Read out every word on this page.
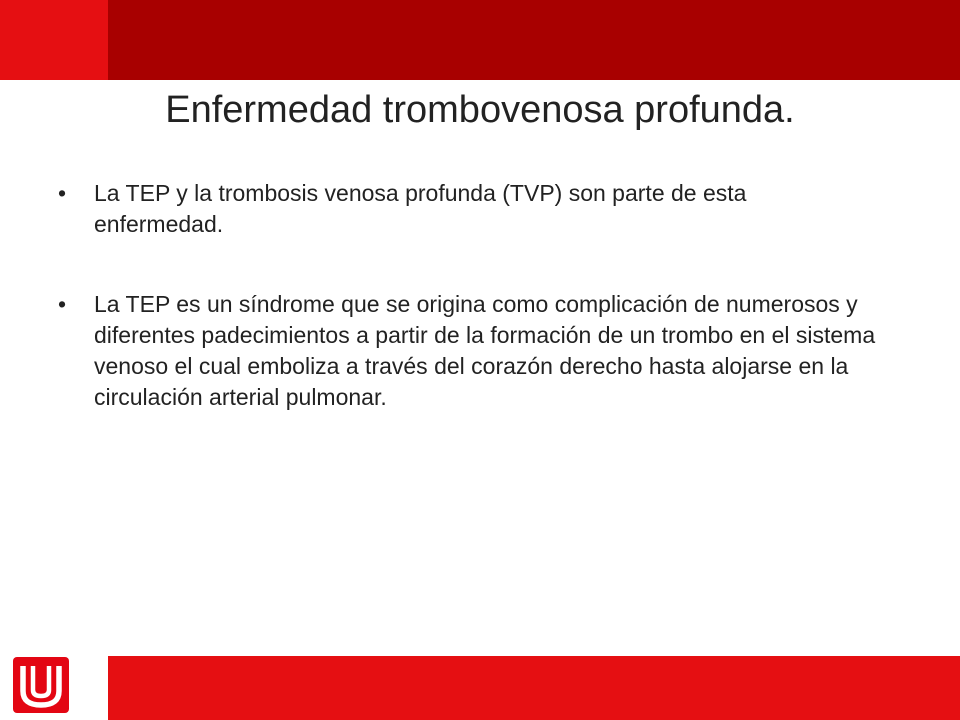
Enfermedad trombovenosa profunda.
• La TEP y la trombosis venosa profunda (TVP) son parte de esta enfermedad.
• La TEP es un síndrome que se origina como complicación de numerosos y diferentes padecimientos a partir de la formación de un trombo en el sistema venoso el cual emboliza a través del corazón derecho hasta alojarse en la circulación arterial pulmonar.
